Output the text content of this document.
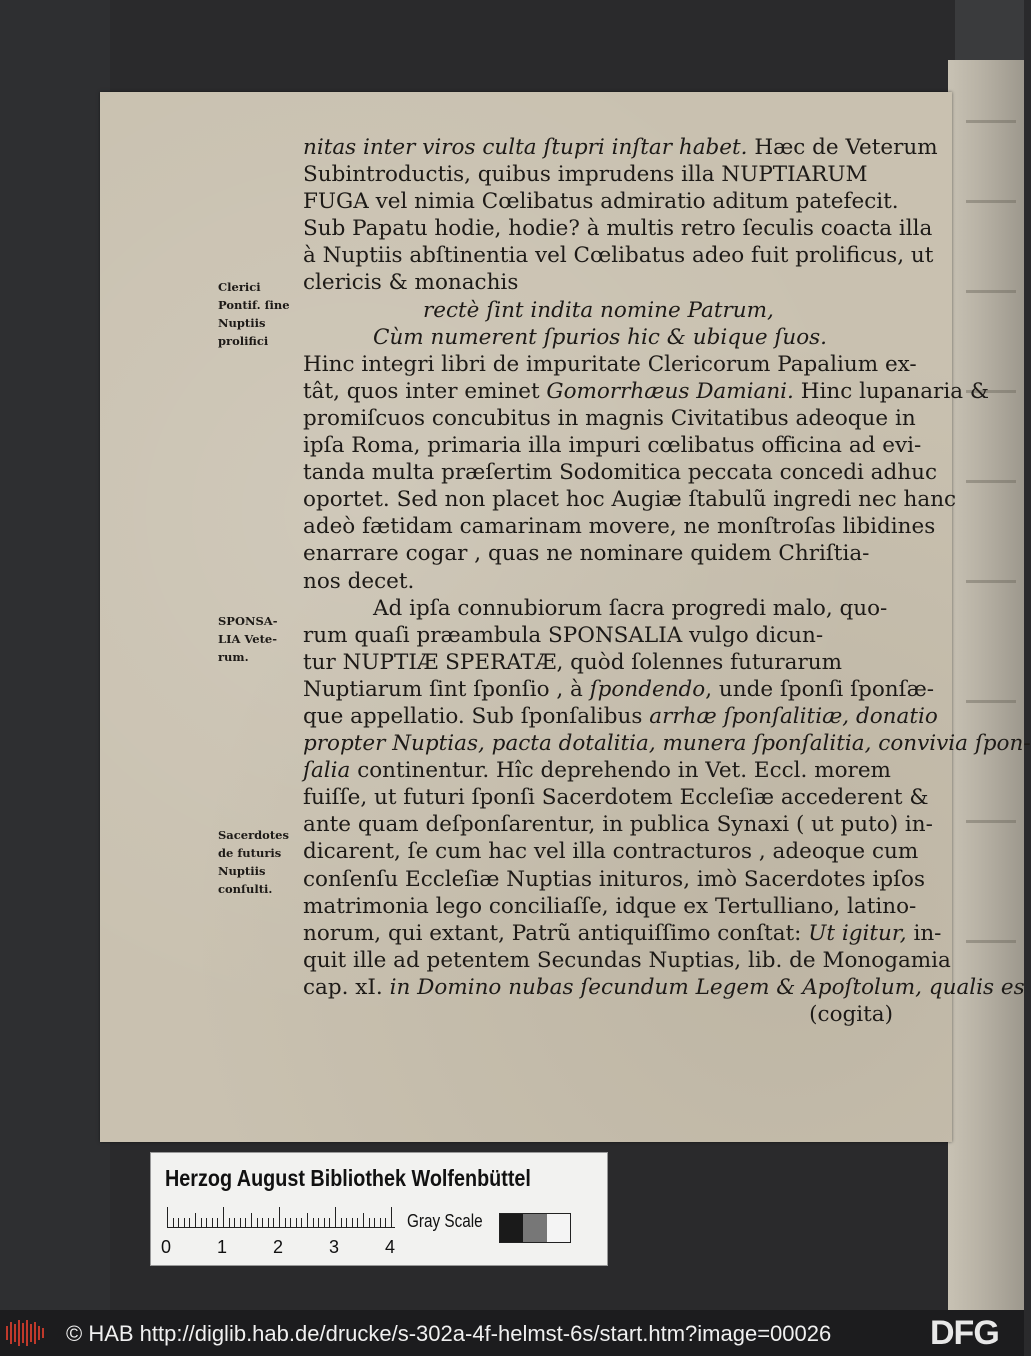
Clerici
Pontif. ſine
Nuptiis
prolifici
SPONSA-
LIA Vete-
rum.
Sacerdotes
de futuris
Nuptiis
conſulti.
nitas inter viros culta ſtupri inſtar habet. Hæc de Veterum
Subintroductis, quibus imprudens illa NUPTIARUM
FUGA vel nimia Cœlibatus admiratio aditum patefecit.
Sub Papatu hodie, hodie? à multis retro ſeculis coacta illa
à Nuptiis abſtinentia vel Cœlibatus adeo fuit prolificus, ut
clericis & monachis
rectè ſint indita nomine Patrum,
Cùm numerent ſpurios hic & ubique ſuos.
Hinc integri libri de impuritate Clericorum Papalium ex-
tât, quos inter eminet Gomorrhæus Damiani. Hinc lupanaria &
promiſcuos concubitus in magnis Civitatibus adeoque in
ipſa Roma, primaria illa impuri cœlibatus officina ad evi-
tanda multa præſertim Sodomitica peccata concedi adhuc
oportet. Sed non placet hoc Augiæ ſtabulũ ingredi nec hanc
adeò fætidam camarinam movere, ne monſtroſas libidines
enarrare cogar , quas ne nominare quidem Chriſtia-
nos decet.
Ad ipſa connubiorum ſacra progredi malo, quo-
rum quaſi præambula SPONSALIA vulgo dicun-
tur NUPTIÆ SPERATÆ, quòd ſolennes futurarum
Nuptiarum ſint ſponſio , à ſpondendo, unde ſponſi ſponſæ-
que appellatio. Sub ſponſalibus arrhæ ſponſalitiæ, donatio
propter Nuptias, pacta dotalitia, munera ſponſalitia, convivia ſpon-
ſalia continentur. Hîc deprehendo in Vet. Eccl. morem
fuiſſe, ut futuri ſponſi Sacerdotem Eccleſiæ accederent &
ante quam deſponſarentur, in publica Synaxi ( ut puto) in-
dicarent, ſe cum hac vel illa contracturos , adeoque cum
conſenſu Eccleſiæ Nuptias inituros, imò Sacerdotes ipſos
matrimonia lego conciliaſſe, idque ex Tertulliano, latino-
norum, qui extant, Patrũ antiquiſſimo conſtat: Ut igitur, in-
quit ille ad petentem Secundas Nuptias, lib. de Monogamia
cap. xI. in Domino nubas ſecundum Legem & Apoſtolum, qualis es
(cogita)
Herzog August Bibliothek Wolfenbüttel
0	1	2	3	4
Gray Scale
© HAB http://diglib.hab.de/drucke/s-302a-4f-helmst-6s/start.htm?image=00026	DFG
